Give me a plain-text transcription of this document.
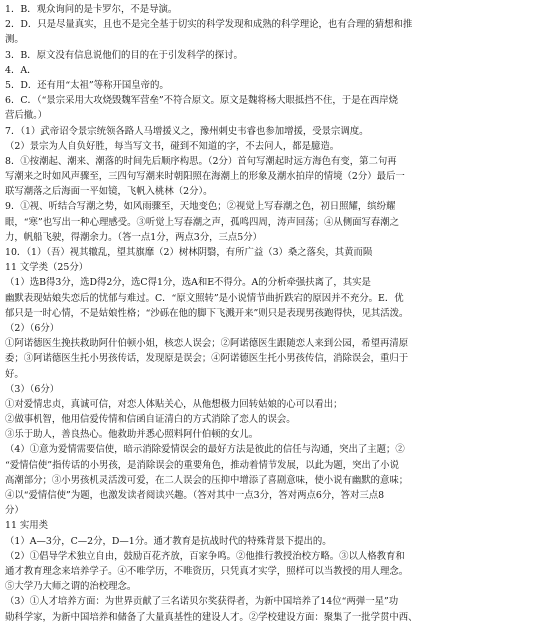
1．B．观众询问的是卡罗尔，不是导演。
2．D．只是尽量真实，且也不是完全基于切实的科学发现和成熟的科学理论，也有合理的猜想和推
测。
3．B．原文没有信息说他们的目的在于引发科学的探讨。
4．A．
5．D．还有用“太祖”等称开国皇帝的。
6．C．（“景宗采用大攻烧毁魏军营垒”不符合原文。原文是魏将杨大眼抵挡不住，于是在西岸烧
营后撤。）
7．（1）武帝诏令景宗统领各路人马增援义之，豫州刺史韦睿也参加增援，受景宗调度。
（2）景宗为人自负好胜，每当写文书，碰到不知道的字，不去问人，都是臆造。
8．①按潮起、潮来、潮落的时间先后顺序构思。（2分）首句写潮起时远方海色有变，第二句再
写潮来之时如风声骤至，三四句写潮来时朝阳照在海潮上的形象及潮水拍岸的情境（2分）最后一
联写潮落之后海面一平如镜，飞帆入桃林（2分）。
9．①视、听结合写潮之势，如风雨骤至，天地变色；②视觉上写春潮之色，初日照耀，缤纷耀
眼，“寒”也写出一种心理感受。③听觉上写春潮之声，孤鸣四周，涛声回荡；④从侧面写春潮之
力，帆船飞驶，得潮余力。（答一点1分，两点3分，三点5分）
10．（1）（吾）视其辙乱，望其旗靡（2）树林阴翳，有所广益（3）桑之落矣，其黄而陨
11 文学类（25分）
（1）选B得3分，选D得2分，选C得1分，选A和E不得分。A的分析牵强扶离了，其实是
幽默表现姑娘失恋后的忧郁与难过。C．“原文照转”是小说情节曲折跌宕的原因并不充分。E．优
郁只是一时心情，不是姑娘性格；“沙砾在他的脚下飞溅开来”则只是表现男孩跑得快，见其活泼。
（2）（6分）
①阿诺德医生挽扶救助阿什伯顿小姐，核恋人误会；②阿诺德医生跟随恋人来到公园，希望再清原
委；③阿诺德医生托小男孩传话，发现原是误会；④阿诺德医生托小男孩传信，消除误会，重归于
好。
（3）（6分）
①对爱情忠贞，真诚可信，对恋人体贴关心，从他想极力回转姑娘的心可以看出；
②做事机智，他用信爱传情和信函自证清白的方式消除了恋人的误会。
③乐于助人，善良热心。他救助并悉心照料阿什伯顿的女儿。
（4）①意为爱情需要信使，暗示消除爱情误会的最好方法是彼此的信任与沟通，突出了主题；②
“爱情信使”指传话的小男孩，是消除误会的重要角色，推动着情节发展，以此为题，突出了小说
高潮部分；③小男孩机灵活泼可爱，在二人误会的压抑中增添了喜剧意味，使小说有幽默的意味；
④以“爱情信使”为题，也激发读者阅读兴趣。（答对其中一点3分，答对两点6分，答对三点8
分）
11 实用类
（1）A—3分，C—2分，D—1分。通才教育是抗战时代的特殊背景下提出的。
（2）①倡导学术独立自由，鼓励百花齐放，百家争鸣。②他推行教授治校方略。③以人格教育和
通才教育理念来培养学子。④不唯学历，不唯资历，只凭真才实学，照样可以当教授的用人理念。
⑤大学乃大师之谓的治校理念。
（3）①人才培养方面：为世界贡献了三名诺贝尔奖获得者，为新中国培养了14位“两弹一星”功
勋科学家，为新中国培养和储备了大量真基性的建设人才。②学校建设方面：聚集了一批学贯中西、
